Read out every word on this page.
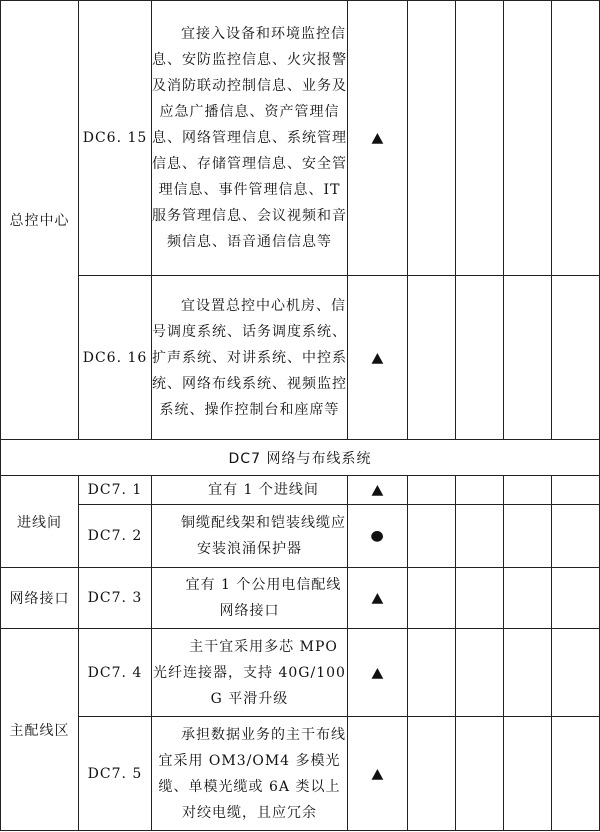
总控中心	DC6. 15	宜接入设备和环境监控信息、安防监控信息、火灾报警及消防联动控制信息、业务及应急广播信息、资产管理信息、网络管理信息、系统管理信息、存储管理信息、安全管理信息、事件管理信息、IT 服务管理信息、会议视频和音频信息、语音通信信息等	▲				
	DC6. 16	宜设置总控中心机房、信号调度系统、话务调度系统、扩声系统、对讲系统、中控系统、网络布线系统、视频监控系统、操作控制台和座席等	▲				
DC7 网络与布线系统							
进线间	DC7. 1	宜有 1 个进线间	▲				
	DC7. 2	铜缆配线架和铠装线缆应安装浪涌保护器	●				
网络接口	DC7. 3	宜有 1 个公用电信配线网络接口	▲				
主配线区	DC7. 4	主干宜采用多芯 MPO 光纤连接器，支持 40G/100G 平滑升级	▲				
	DC7. 5	承担数据业务的主干布线宜采用 OM3/OM4 多模光缆、单模光缆或 6A 类以上对绞电缆，且应冗余	▲				
